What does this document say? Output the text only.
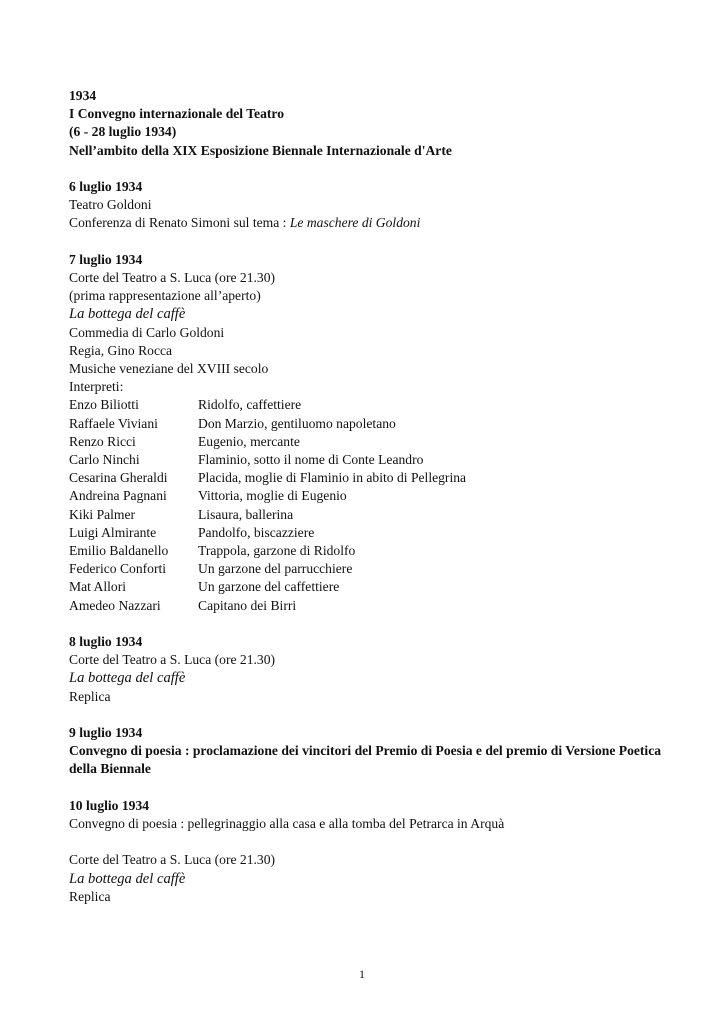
1934
I Convegno internazionale del Teatro
(6 - 28 luglio 1934)
Nell’ambito della XIX Esposizione Biennale Internazionale d'Arte
6 luglio 1934
Teatro Goldoni
Conferenza di Renato Simoni sul tema : Le maschere di Goldoni
7 luglio 1934
Corte del Teatro a S. Luca (ore 21.30)
(prima rappresentazione all’aperto)
La bottega del caffè
Commedia di Carlo Goldoni
Regia, Gino Rocca
Musiche veneziane del XVIII secolo
Interpreti:
Enzo Biliotti	Ridolfo, caffettiere
Raffaele Viviani	Don Marzio, gentiluomo napoletano
Renzo Ricci	Eugenio, mercante
Carlo Ninchi	Flaminio, sotto il nome di Conte Leandro
Cesarina Gheraldi	Placida, moglie di Flaminio in abito di Pellegrina
Andreina Pagnani	Vittoria, moglie di Eugenio
Kiki Palmer	Lisaura, ballerina
Luigi Almirante	Pandolfo, biscazziere
Emilio Baldanello	Trappola, garzone di Ridolfo
Federico Conforti	Un garzone del parrucchiere
Mat Allori	Un garzone del caffettiere
Amedeo Nazzari	Capitano dei Birri
8 luglio 1934
Corte del Teatro a S. Luca (ore 21.30)
La bottega del caffè
Replica
9 luglio 1934
Convegno di poesia : proclamazione dei vincitori del Premio di Poesia e del premio di Versione Poetica della Biennale
10 luglio 1934
Convegno di poesia : pellegrinaggio alla casa e alla tomba del Petrarca in Arquà
Corte del Teatro a S. Luca (ore 21.30)
La bottega del caffè
Replica
1
